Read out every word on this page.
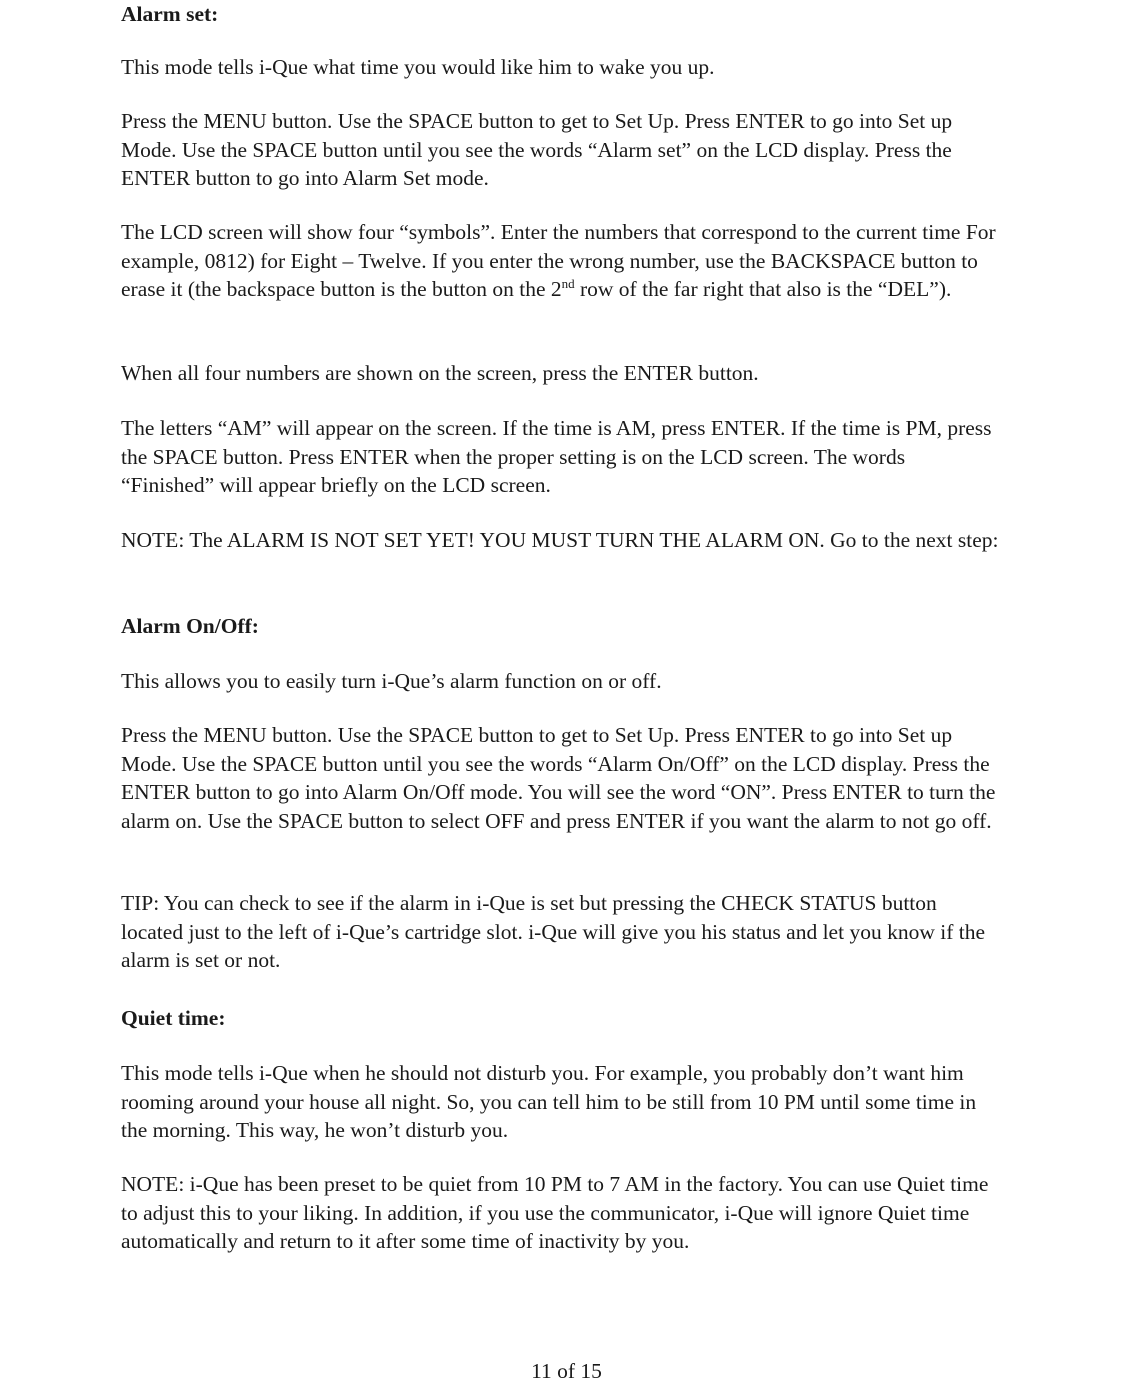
Alarm set:

This mode tells i-Que what time you would like him to wake you up.

Press the MENU button. Use the SPACE button to get to Set Up. Press ENTER to go into Set up Mode. Use the SPACE button until you see the words “Alarm set” on the LCD display. Press the ENTER button to go into Alarm Set mode.

The LCD screen will show four “symbols”. Enter the numbers that correspond to the current time For example, 0812) for Eight – Twelve. If you enter the wrong number, use the BACKSPACE button to erase it (the backspace button is the button on the 2nd row of the far right that also is the “DEL”).

When all four numbers are shown on the screen, press the ENTER button.

The letters “AM” will appear on the screen. If the time is AM, press ENTER. If the time is PM, press the SPACE button. Press ENTER when the proper setting is on the LCD screen. The words “Finished” will appear briefly on the LCD screen.

NOTE: The ALARM IS NOT SET YET! YOU MUST TURN THE ALARM ON. Go to the next step:

Alarm On/Off:

This allows you to easily turn i-Que’s alarm function on or off.

Press the MENU button. Use the SPACE button to get to Set Up. Press ENTER to go into Set up Mode. Use the SPACE button until you see the words “Alarm On/Off” on the LCD display. Press the ENTER button to go into Alarm On/Off mode. You will see the word “ON”. Press ENTER to turn the alarm on. Use the SPACE button to select OFF and press ENTER if you want the alarm to not go off.

TIP: You can check to see if the alarm in i-Que is set but pressing the CHECK STATUS button located just to the left of i-Que’s cartridge slot. i-Que will give you his status and let you know if the alarm is set or not.

Quiet time:

This mode tells i-Que when he should not disturb you. For example, you probably don’t want him rooming around your house all night. So, you can tell him to be still from 10 PM until some time in the morning. This way, he won’t disturb you.

NOTE: i-Que has been preset to be quiet from 10 PM to 7 AM in the factory. You can use Quiet time to adjust this to your liking. In addition, if you use the communicator, i-Que will ignore Quiet time automatically and return to it after some time of inactivity by you.

11 of 15
